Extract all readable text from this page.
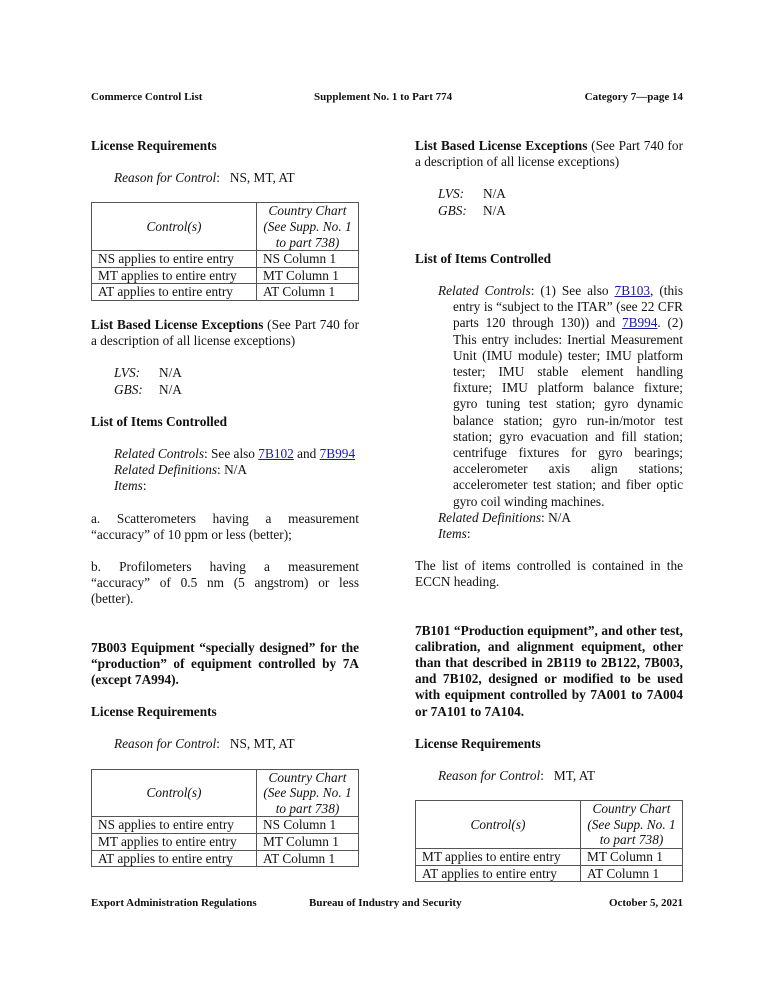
Commerce Control List	Supplement No. 1 to Part 774	Category 7—page 14

License Requirements

Reason for Control:   NS, MT, AT

Control(s)	Country Chart (See Supp. No. 1 to part 738)
NS applies to entire entry	NS Column 1
MT applies to entire entry	MT Column 1
AT applies to entire entry	AT Column 1

List Based License Exceptions (See Part 740 for a description of all license exceptions)

LVS:	N/A
GBS:	N/A

List of Items Controlled

Related Controls: See also 7B102 and 7B994

Related Definitions: N/A

Items:

a. Scatterometers having a measurement “accuracy” of 10 ppm or less (better);

b. Profilometers having a measurement “accuracy” of 0.5 nm (5 angstrom) or less (better).

7B003 Equipment “specially designed” for the “production” of equipment controlled by 7A (except 7A994).

License Requirements

Reason for Control:   NS, MT, AT

Control(s)	Country Chart (See Supp. No. 1 to part 738)
NS applies to entire entry	NS Column 1
MT applies to entire entry	MT Column 1
AT applies to entire entry	AT Column 1

List Based License Exceptions (See Part 740 for a description of all license exceptions)

LVS:	N/A
GBS:	N/A

List of Items Controlled

Related Controls: (1) See also 7B103, (this entry is “subject to the ITAR” (see 22 CFR parts 120 through 130)) and 7B994. (2) This entry includes: Inertial Measurement Unit (IMU module) tester; IMU platform tester; IMU stable element handling fixture; IMU platform balance fixture; gyro tuning test station; gyro dynamic balance station; gyro run-in/motor test station; gyro evacuation and fill station; centrifuge fixtures for gyro bearings; accelerometer axis align stations; accelerometer test station; and fiber optic gyro coil winding machines.

Related Definitions: N/A

Items:

The list of items controlled is contained in the ECCN heading.

7B101 “Production equipment”, and other test, calibration, and alignment equipment, other than that described in 2B119 to 2B122, 7B003, and 7B102, designed or modified to be used with equipment controlled by 7A001 to 7A004 or 7A101 to 7A104.

License Requirements

Reason for Control:   MT, AT

Control(s)	Country Chart (See Supp. No. 1 to part 738)
MT applies to entire entry	MT Column 1
AT applies to entire entry	AT Column 1
Export Administration Regulations	Bureau of Industry and Security	October 5, 2021
